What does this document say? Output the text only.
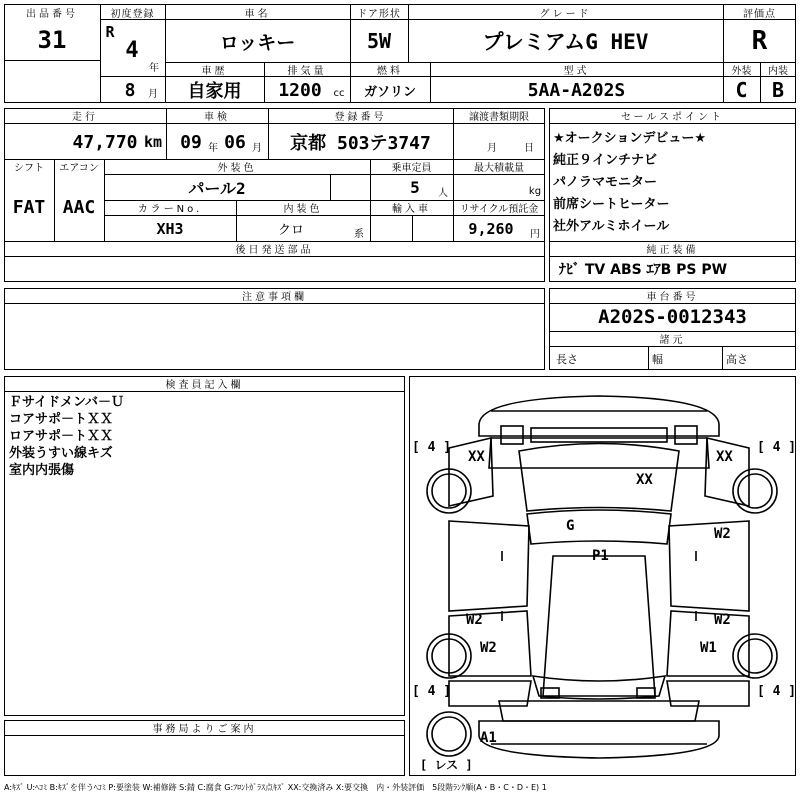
出品番号
31
初度登録
R
4
年
8	月
車名
ロッキー
ドア形状
5W
グレード
プレミアムG HEV
評価点
R
車歴
自家用
排気量
1200	cc
燃料
ガソリン
型式
5AA-A202S
外装
C
内装
B
走行
47,770 km
車検
09 年 06 月
登録番号
京都 503テ3747
譲渡書類期限
月	日
シフト
FAT
エアコン
AAC
外装色
パール2
乗車定員
5	人
最大積載量
kg
カラーNo.
XH3
内装色
クロ	系
輸入車	リサイクル預託金
9,260	円
後日発送部品
セールスポイント
★オークションデビュー★
純正９インチナビ
パノラマモニター
前席シートヒーター
社外アルミホイール
純正装備
ﾅﾋﾞ TV ABS ｴｱB PS PW
注意事項欄	車台番号
A202S-0012343
諸元
長さ	幅	高さ
検査員記入欄
Ｆサイドメンバ－Ｕ
コアサポ－トＸＸ
ロアサポ－トＸＸ
外装うすい線キズ
室内内張傷
事務局よりご案内
[ 4 ]	[ 4 ]
[ 4 ]	[ 4 ]
[ レス ]
XX
XX
XX
G
P1
W2
W2
W2
W2
W1
A1
A:ｷｽﾞ U:ﾍｺﾐ B:ｷｽﾞを伴うﾍｺﾐ P:要塗装 W:補修跡 S:錆 C:腐食 G:ﾌﾛﾝﾄｶﾞﾗｽ点ｷｽﾞ XX:交換済み X:要交換　内・外装評価　5段階ﾗﾝｸ順(A・B・C・D・E) 1
